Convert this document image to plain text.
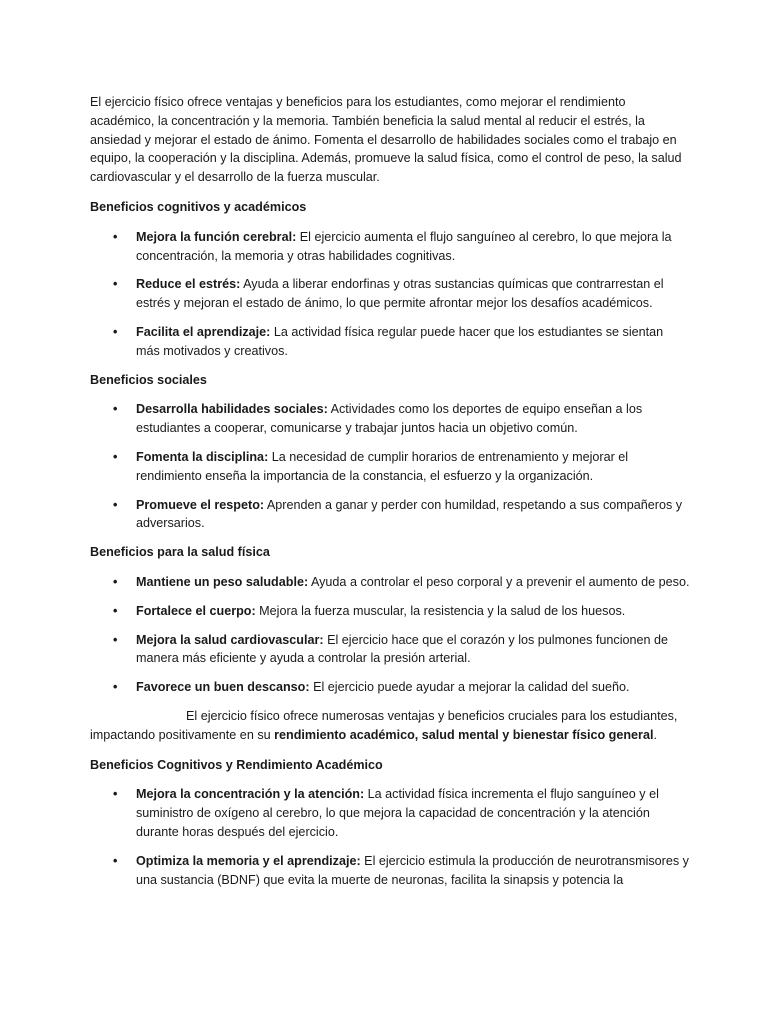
El ejercicio físico ofrece ventajas y beneficios para los estudiantes, como mejorar el rendimiento académico, la concentración y la memoria. También beneficia la salud mental al reducir el estrés, la ansiedad y mejorar el estado de ánimo. Fomenta el desarrollo de habilidades sociales como el trabajo en equipo, la cooperación y la disciplina. Además, promueve la salud física, como el control de peso, la salud cardiovascular y el desarrollo de la fuerza muscular.

Beneficios cognitivos y académicos
• Mejora la función cerebral: El ejercicio aumenta el flujo sanguíneo al cerebro, lo que mejora la concentración, la memoria y otras habilidades cognitivas.
• Reduce el estrés: Ayuda a liberar endorfinas y otras sustancias químicas que contrarrestan el estrés y mejoran el estado de ánimo, lo que permite afrontar mejor los desafíos académicos.
• Facilita el aprendizaje: La actividad física regular puede hacer que los estudiantes se sientan más motivados y creativos.
Beneficios sociales
• Desarrolla habilidades sociales: Actividades como los deportes de equipo enseñan a los estudiantes a cooperar, comunicarse y trabajar juntos hacia un objetivo común.
• Fomenta la disciplina: La necesidad de cumplir horarios de entrenamiento y mejorar el rendimiento enseña la importancia de la constancia, el esfuerzo y la organización.
• Promueve el respeto: Aprenden a ganar y perder con humildad, respetando a sus compañeros y adversarios.
Beneficios para la salud física
• Mantiene un peso saludable: Ayuda a controlar el peso corporal y a prevenir el aumento de peso.
• Fortalece el cuerpo: Mejora la fuerza muscular, la resistencia y la salud de los huesos.
• Mejora la salud cardiovascular: El ejercicio hace que el corazón y los pulmones funcionen de manera más eficiente y ayuda a controlar la presión arterial.
• Favorece un buen descanso: El ejercicio puede ayudar a mejorar la calidad del sueño.

El ejercicio físico ofrece numerosas ventajas y beneficios cruciales para los estudiantes, impactando positivamente en su rendimiento académico, salud mental y bienestar físico general.

Beneficios Cognitivos y Rendimiento Académico
• Mejora la concentración y la atención: La actividad física incrementa el flujo sanguíneo y el suministro de oxígeno al cerebro, lo que mejora la capacidad de concentración y la atención durante horas después del ejercicio.
• Optimiza la memoria y el aprendizaje: El ejercicio estimula la producción de neurotransmisores y una sustancia (BDNF) que evita la muerte de neuronas, facilita la sinapsis y potencia la
